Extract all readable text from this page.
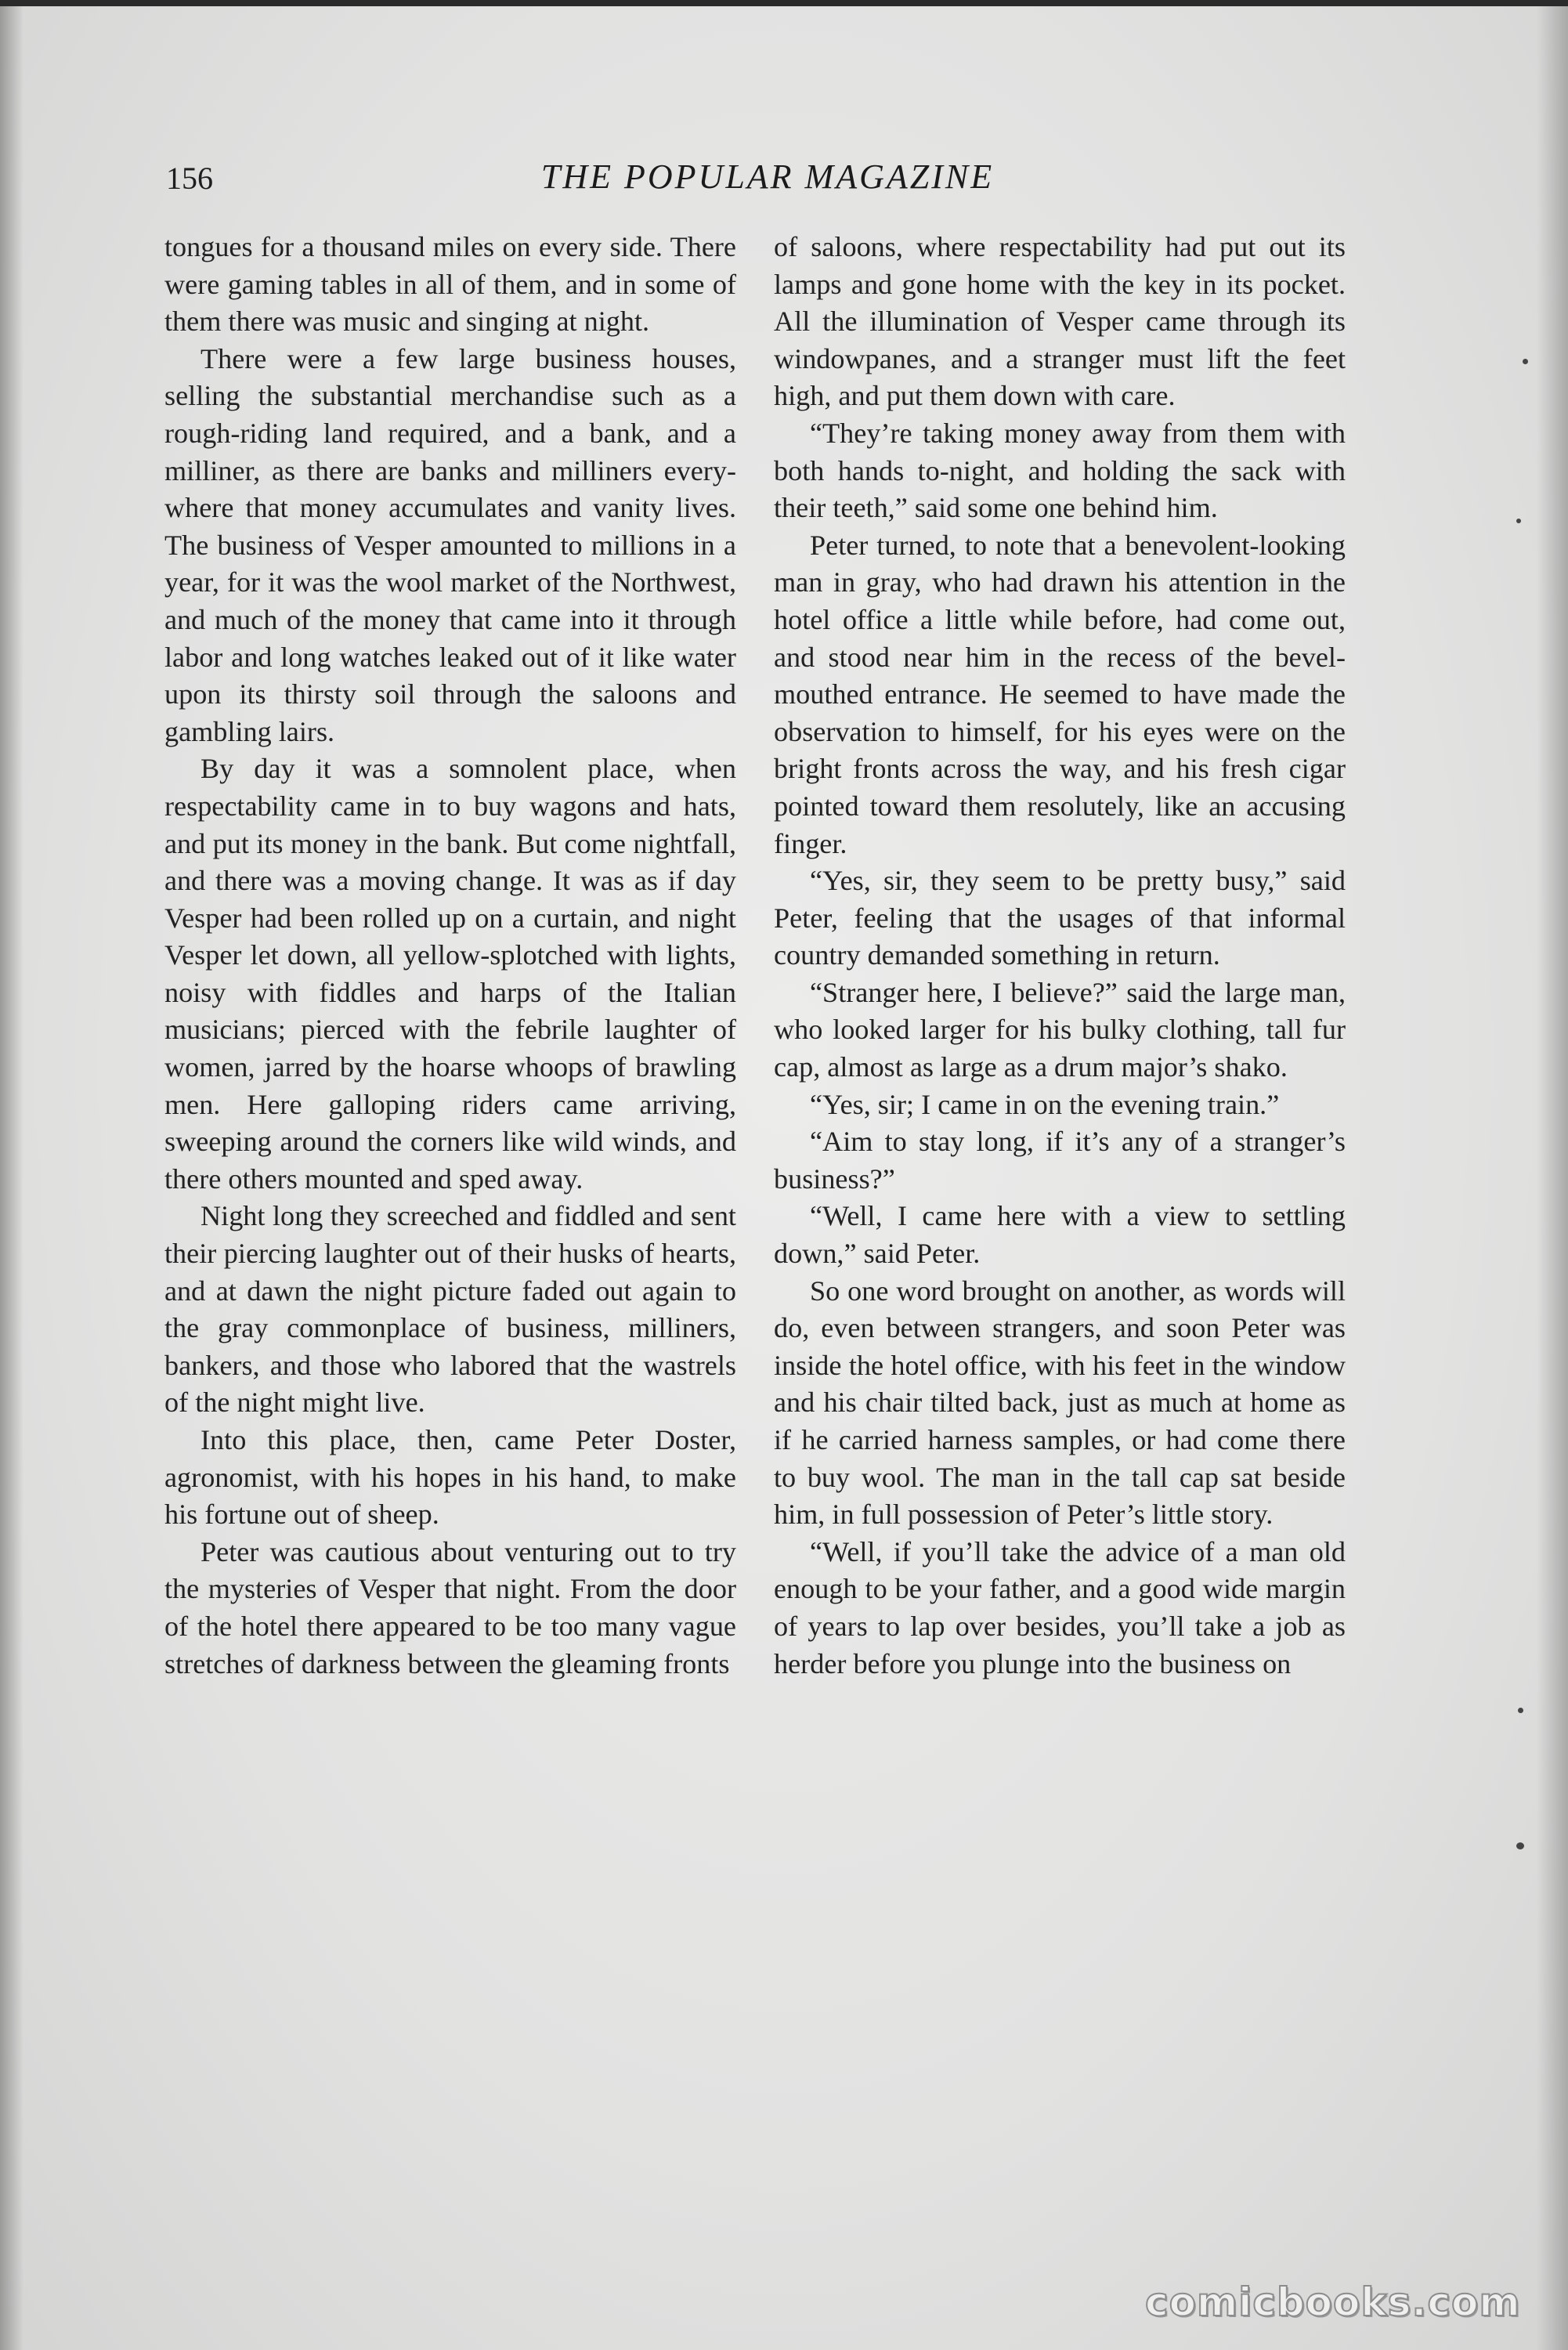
156	THE POPULAR MAGAZINE

tongues for a thousand miles on every side. There were gaming tables in all of them, and in some of them there was music and singing at night.

There were a few large business houses, selling the substantial merchandise such as a rough-riding land required, and a bank, and a milliner, as there are banks and milliners everywhere that money accumulates and vanity lives. The business of Vesper amounted to millions in a year, for it was the wool market of the Northwest, and much of the money that came into it through labor and long watches leaked out of it like water upon its thirsty soil through the saloons and gambling lairs.

By day it was a somnolent place, when respectability came in to buy wagons and hats, and put its money in the bank. But come nightfall, and there was a moving change. It was as if day Vesper had been rolled up on a curtain, and night Vesper let down, all yellow-splotched with lights, noisy with fiddles and harps of the Italian musicians; pierced with the febrile laughter of women, jarred by the hoarse whoops of brawling men. Here galloping riders came arriving, sweeping around the corners like wild winds, and there others mounted and sped away.

Night long they screeched and fiddled and sent their piercing laughter out of their husks of hearts, and at dawn the night picture faded out again to the gray commonplace of business, milliners, bankers, and those who labored that the wastrels of the night might live.

Into this place, then, came Peter Doster, agronomist, with his hopes in his hand, to make his fortune out of sheep.

Peter was cautious about venturing out to try the mysteries of Vesper that night. From the door of the hotel there appeared to be too many vague stretches of darkness between the gleaming fronts

of saloons, where respectability had put out its lamps and gone home with the key in its pocket. All the illumination of Vesper came through its windowpanes, and a stranger must lift the feet high, and put them down with care.

“They’re taking money away from them with both hands to-night, and holding the sack with their teeth,” said some one behind him.

Peter turned, to note that a benevolent-looking man in gray, who had drawn his attention in the hotel office a little while before, had come out, and stood near him in the recess of the bevel-mouthed entrance. He seemed to have made the observation to himself, for his eyes were on the bright fronts across the way, and his fresh cigar pointed toward them resolutely, like an accusing finger.

“Yes, sir, they seem to be pretty busy,” said Peter, feeling that the usages of that informal country demanded something in return.

“Stranger here, I believe?” said the large man, who looked larger for his bulky clothing, tall fur cap, almost as large as a drum major’s shako.

“Yes, sir; I came in on the evening train.”

“Aim to stay long, if it’s any of a stranger’s business?”

“Well, I came here with a view to settling down,” said Peter.

So one word brought on another, as words will do, even between strangers, and soon Peter was inside the hotel office, with his feet in the window and his chair tilted back, just as much at home as if he carried harness samples, or had come there to buy wool. The man in the tall cap sat beside him, in full possession of Peter’s little story.

“Well, if you’ll take the advice of a man old enough to be your father, and a good wide margin of years to lap over besides, you’ll take a job as herder before you plunge into the business on

comicbooks.com
